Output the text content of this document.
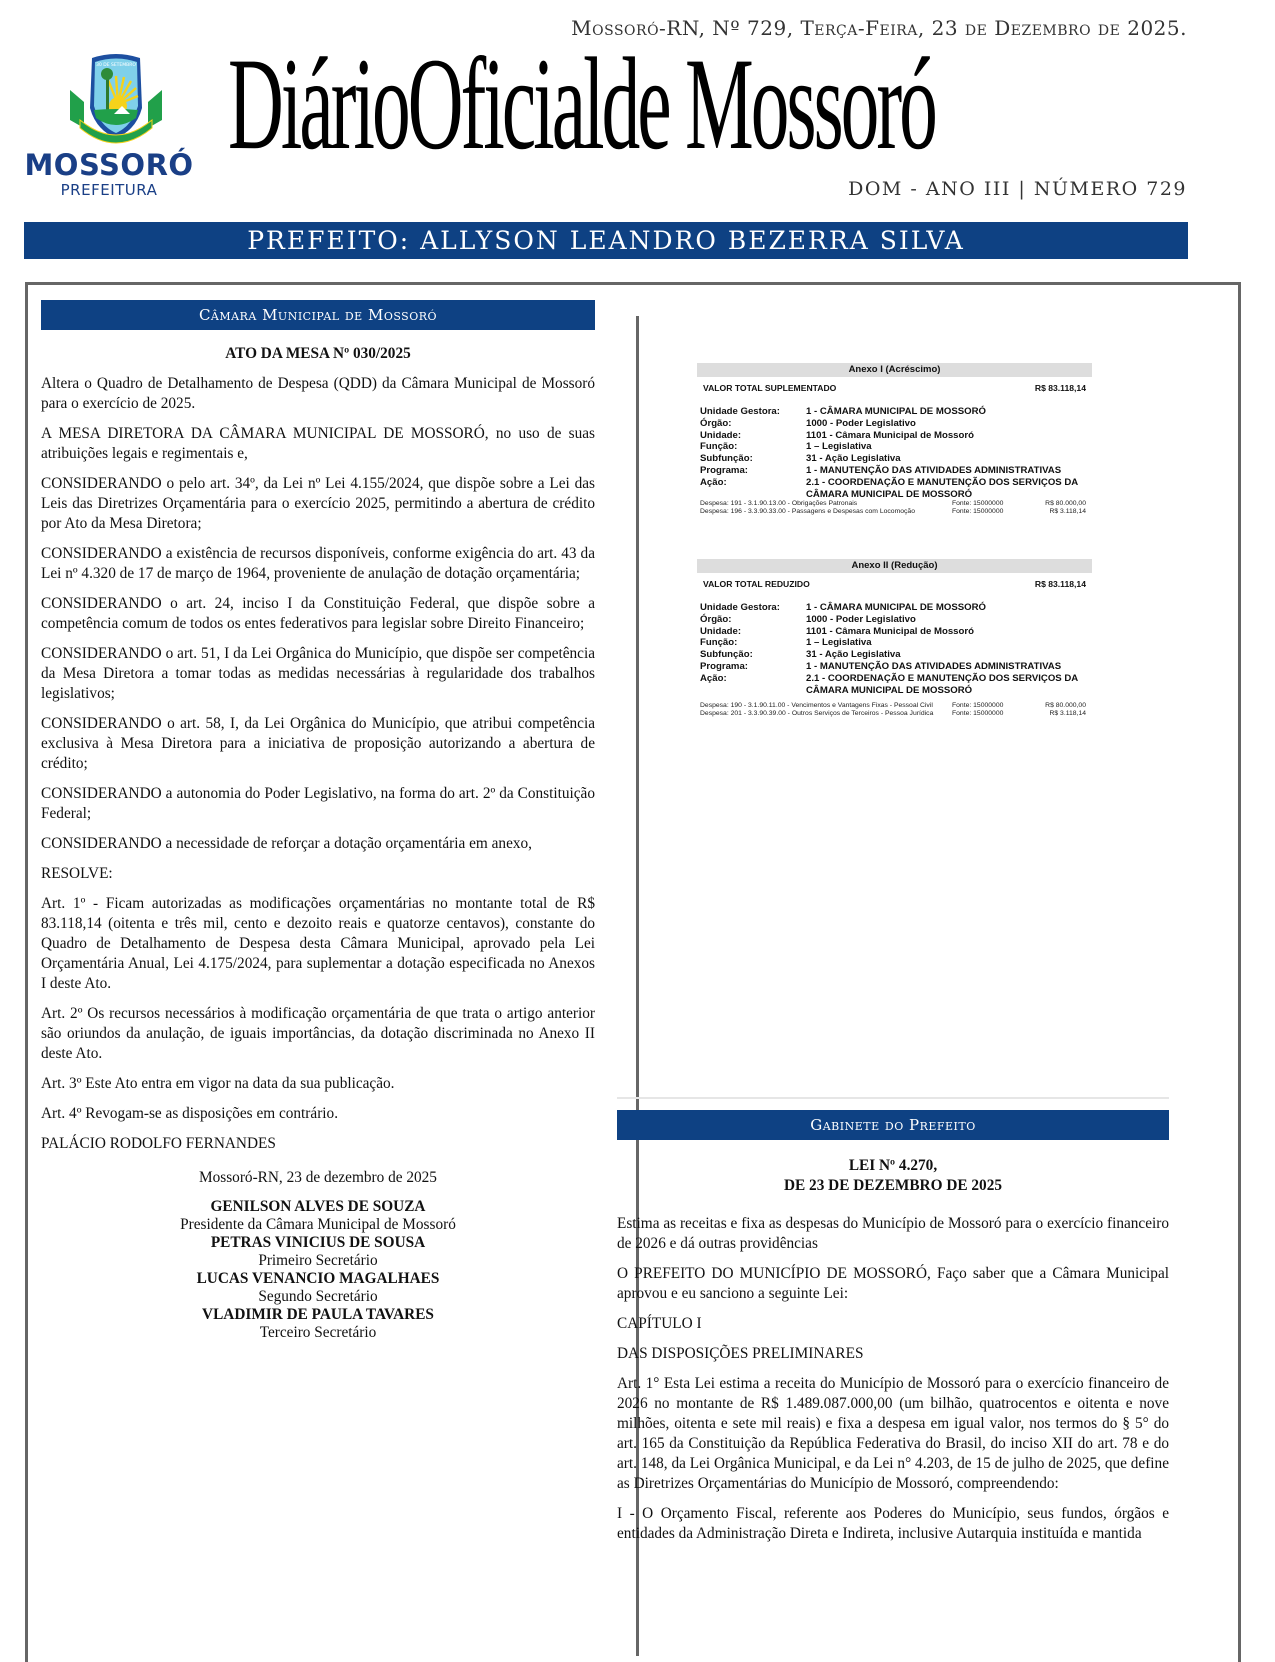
30 DE SETEMBRO
MOSSORÓ
PREFEITURA
Mossoró-RN, Nº 729, Terça-Feira, 23 de Dezembro de 2025.
DiárioOficialde Mossoró
DOM - ANO III | NÚMERO 729
PREFEITO: ALLYSON LEANDRO BEZERRA SILVA
Câmara Municipal de Mossoró
ATO DA MESA Nº 030/2025
Altera o Quadro de Detalhamento de Despesa (QDD) da Câmara Municipal de Mossoró para o exercício de 2025.
A MESA DIRETORA DA CÂMARA MUNICIPAL DE MOSSORÓ, no uso de suas atribuições legais e regimentais e,
CONSIDERANDO o pelo art. 34º, da Lei nº Lei 4.155/2024, que dispõe sobre a Lei das Leis das Diretrizes Orçamentária para o exercício 2025, permitindo a abertura de crédito por Ato da Mesa Diretora;
CONSIDERANDO a existência de recursos disponíveis, conforme exigência do art. 43 da Lei nº 4.320 de 17 de março de 1964, proveniente de anulação de dotação orçamentária;
CONSIDERANDO o art. 24, inciso I da Constituição Federal, que dispõe sobre a competência comum de todos os entes federativos para legislar sobre Direito Financeiro;
CONSIDERANDO o art. 51, I da Lei Orgânica do Município, que dispõe ser competência da Mesa Diretora a tomar todas as medidas necessárias à regularidade dos trabalhos legislativos;
CONSIDERANDO o art. 58, I, da Lei Orgânica do Município, que atribui competência exclusiva à Mesa Diretora para a iniciativa de proposição autorizando a abertura de crédito;
CONSIDERANDO a autonomia do Poder Legislativo, na forma do art. 2º da Constituição Federal;
CONSIDERANDO a necessidade de reforçar a dotação orçamentária em anexo,
RESOLVE:
Art. 1º - Ficam autorizadas as modificações orçamentárias no montante total de R$ 83.118,14 (oitenta e três mil, cento e dezoito reais e quatorze centavos), constante do Quadro de Detalhamento de Despesa desta Câmara Municipal, aprovado pela Lei Orçamentária Anual, Lei 4.175/2024, para suplementar a dotação especificada no Anexos I deste Ato.
Art. 2º Os recursos necessários à modificação orçamentária de que trata o artigo anterior são oriundos da anulação, de iguais importâncias, da dotação discriminada no Anexo II deste Ato.
Art. 3º Este Ato entra em vigor na data da sua publicação.
Art. 4º Revogam-se as disposições em contrário.
PALÁCIO RODOLFO FERNANDES
Mossoró-RN, 23 de dezembro de 2025
GENILSON ALVES DE SOUZA
Presidente da Câmara Municipal de Mossoró
PETRAS VINICIUS DE SOUSA
Primeiro Secretário
LUCAS VENANCIO MAGALHAES
Segundo Secretário
VLADIMIR DE PAULA TAVARES
Terceiro Secretário
Anexo I (Acréscimo)
VALOR TOTAL SUPLEMENTADO	R$ 83.118,14
Unidade Gestora:	1 - CÂMARA MUNICIPAL DE MOSSORÓ
Órgão:	1000 - Poder Legislativo
Unidade:	1101 - Câmara Municipal de Mossoró
Função:	1 – Legislativa
Subfunção:	31 - Ação Legislativa
Programa:	1 - MANUTENÇÃO DAS ATIVIDADES ADMINISTRATIVAS
Ação:	2.1 - COORDENAÇÃO E MANUTENÇÃO DOS SERVIÇOS DA CÂMARA MUNICIPAL DE MOSSORÓ
Despesa: 191 - 3.1.90.13.00 - Obrigações Patronais	Fonte: 15000000	R$ 80.000,00
Despesa: 196 - 3.3.90.33.00 - Passagens e Despesas com Locomoção	Fonte: 15000000	R$ 3.118,14
Anexo II (Redução)
VALOR TOTAL REDUZIDO	R$ 83.118,14
Unidade Gestora:	1 - CÂMARA MUNICIPAL DE MOSSORÓ
Órgão:	1000 - Poder Legislativo
Unidade:	1101 - Câmara Municipal de Mossoró
Função:	1 – Legislativa
Subfunção:	31 - Ação Legislativa
Programa:	1 - MANUTENÇÃO DAS ATIVIDADES ADMINISTRATIVAS
Ação:	2.1 - COORDENAÇÃO E MANUTENÇÃO DOS SERVIÇOS DA CÂMARA MUNICIPAL DE MOSSORÓ
Despesa: 190 - 3.1.90.11.00 - Vencimentos e Vantagens Fixas - Pessoal Civil	Fonte: 15000000	R$ 80.000,00
Despesa: 201 - 3.3.90.39.00 - Outros Serviços de Terceiros - Pessoa Jurídica	Fonte: 15000000	R$ 3.118,14
Gabinete do Prefeito
LEI Nº 4.270,
DE 23 DE DEZEMBRO DE 2025
Estima as receitas e fixa as despesas do Município de Mossoró para o exercício financeiro de 2026 e dá outras providências
O PREFEITO DO MUNICÍPIO DE MOSSORÓ, Faço saber que a Câmara Municipal aprovou e eu sanciono a seguinte Lei:
CAPÍTULO I
DAS DISPOSIÇÕES PRELIMINARES
Art. 1° Esta Lei estima a receita do Município de Mossoró para o exercício financeiro de 2026 no montante de R$ 1.489.087.000,00 (um bilhão, quatrocentos e oitenta e nove milhões, oitenta e sete mil reais) e fixa a despesa em igual valor, nos termos do § 5° do art. 165 da Constituição da República Federativa do Brasil, do inciso XII do art. 78 e do art. 148, da Lei Orgânica Municipal, e da Lei n° 4.203, de 15 de julho de 2025, que define as Diretrizes Orçamentárias do Município de Mossoró, compreendendo:
I - O Orçamento Fiscal, referente aos Poderes do Município, seus fundos, órgãos e entidades da Administração Direta e Indireta, inclusive Autarquia instituída e mantida
